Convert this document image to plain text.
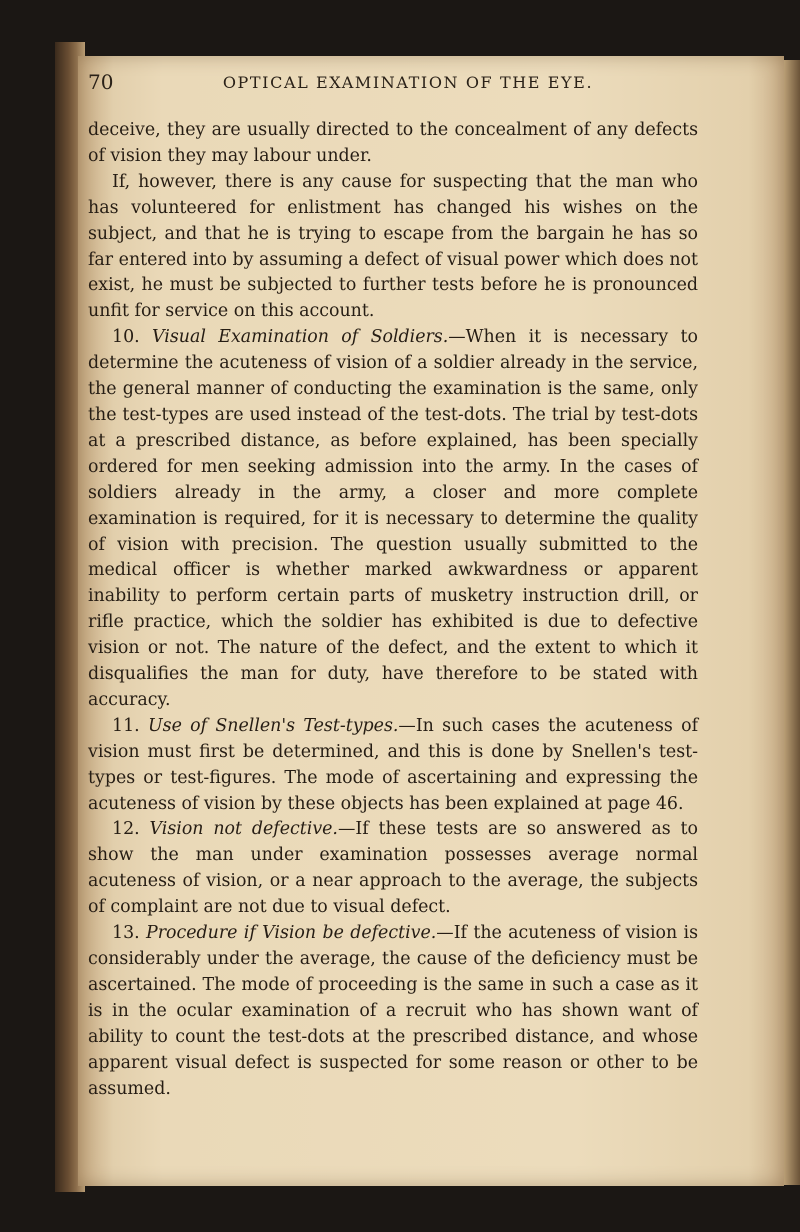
70	OPTICAL EXAMINATION OF THE EYE.

deceive, they are usually directed to the concealment of any defects of vision they may labour under.

If, however, there is any cause for suspecting that the man who has volunteered for enlistment has changed his wishes on the subject, and that he is trying to escape from the bargain he has so far entered into by assuming a defect of visual power which does not exist, he must be subjected to further tests before he is pronounced unfit for service on this account.

10. Visual Examination of Soldiers.—When it is necessary to determine the acuteness of vision of a soldier already in the service, the general manner of conducting the examination is the same, only the test-types are used instead of the test-dots. The trial by test-dots at a prescribed distance, as before explained, has been specially ordered for men seeking admission into the army. In the cases of soldiers already in the army, a closer and more complete examination is required, for it is necessary to determine the quality of vision with precision. The question usually submitted to the medical officer is whether marked awkwardness or apparent inability to perform certain parts of musketry instruction drill, or rifle practice, which the soldier has exhibited is due to defective vision or not. The nature of the defect, and the extent to which it disqualifies the man for duty, have therefore to be stated with accuracy.

11. Use of Snellen's Test-types.—In such cases the acuteness of vision must first be determined, and this is done by Snellen's test-types or test-figures. The mode of ascertaining and expressing the acuteness of vision by these objects has been explained at page 46.

12. Vision not defective.—If these tests are so answered as to show the man under examination possesses average normal acuteness of vision, or a near approach to the average, the subjects of complaint are not due to visual defect.

13. Procedure if Vision be defective.—If the acuteness of vision is considerably under the average, the cause of the deficiency must be ascertained. The mode of proceeding is the same in such a case as it is in the ocular examination of a recruit who has shown want of ability to count the test-dots at the prescribed distance, and whose apparent visual defect is suspected for some reason or other to be assumed.
